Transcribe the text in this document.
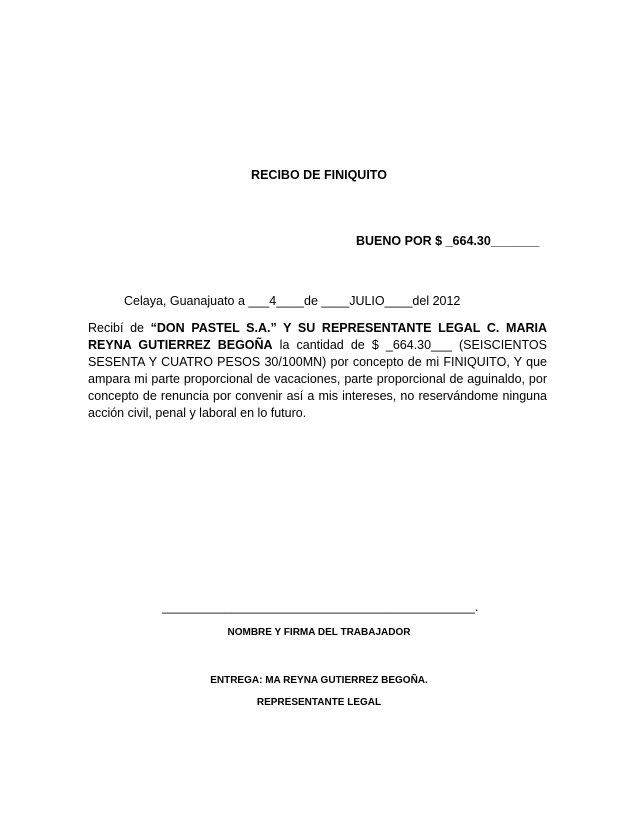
RECIBO DE FINIQUITO
BUENO POR $ _664.30_______
Celaya, Guanajuato a ___4____de ____JULIO____del 2012
Recibí de “DON PASTEL S.A.” Y SU REPRESENTANTE LEGAL C. MARIA REYNA GUTIERREZ BEGOÑA la cantidad de $ _664.30___ (SEISCIENTOS SESENTA Y CUATRO PESOS 30/100MN) por concepto de mi FINIQUITO, Y que ampara mi parte proporcional de vacaciones, parte proporcional de aguinaldo, por concepto de renuncia por convenir así a mis intereses, no reservándome ninguna acción civil, penal y laboral en lo futuro.
_____________________________________________.
NOMBRE Y FIRMA DEL TRABAJADOR
ENTREGA: MA REYNA GUTIERREZ BEGOÑA.
REPRESENTANTE LEGAL
